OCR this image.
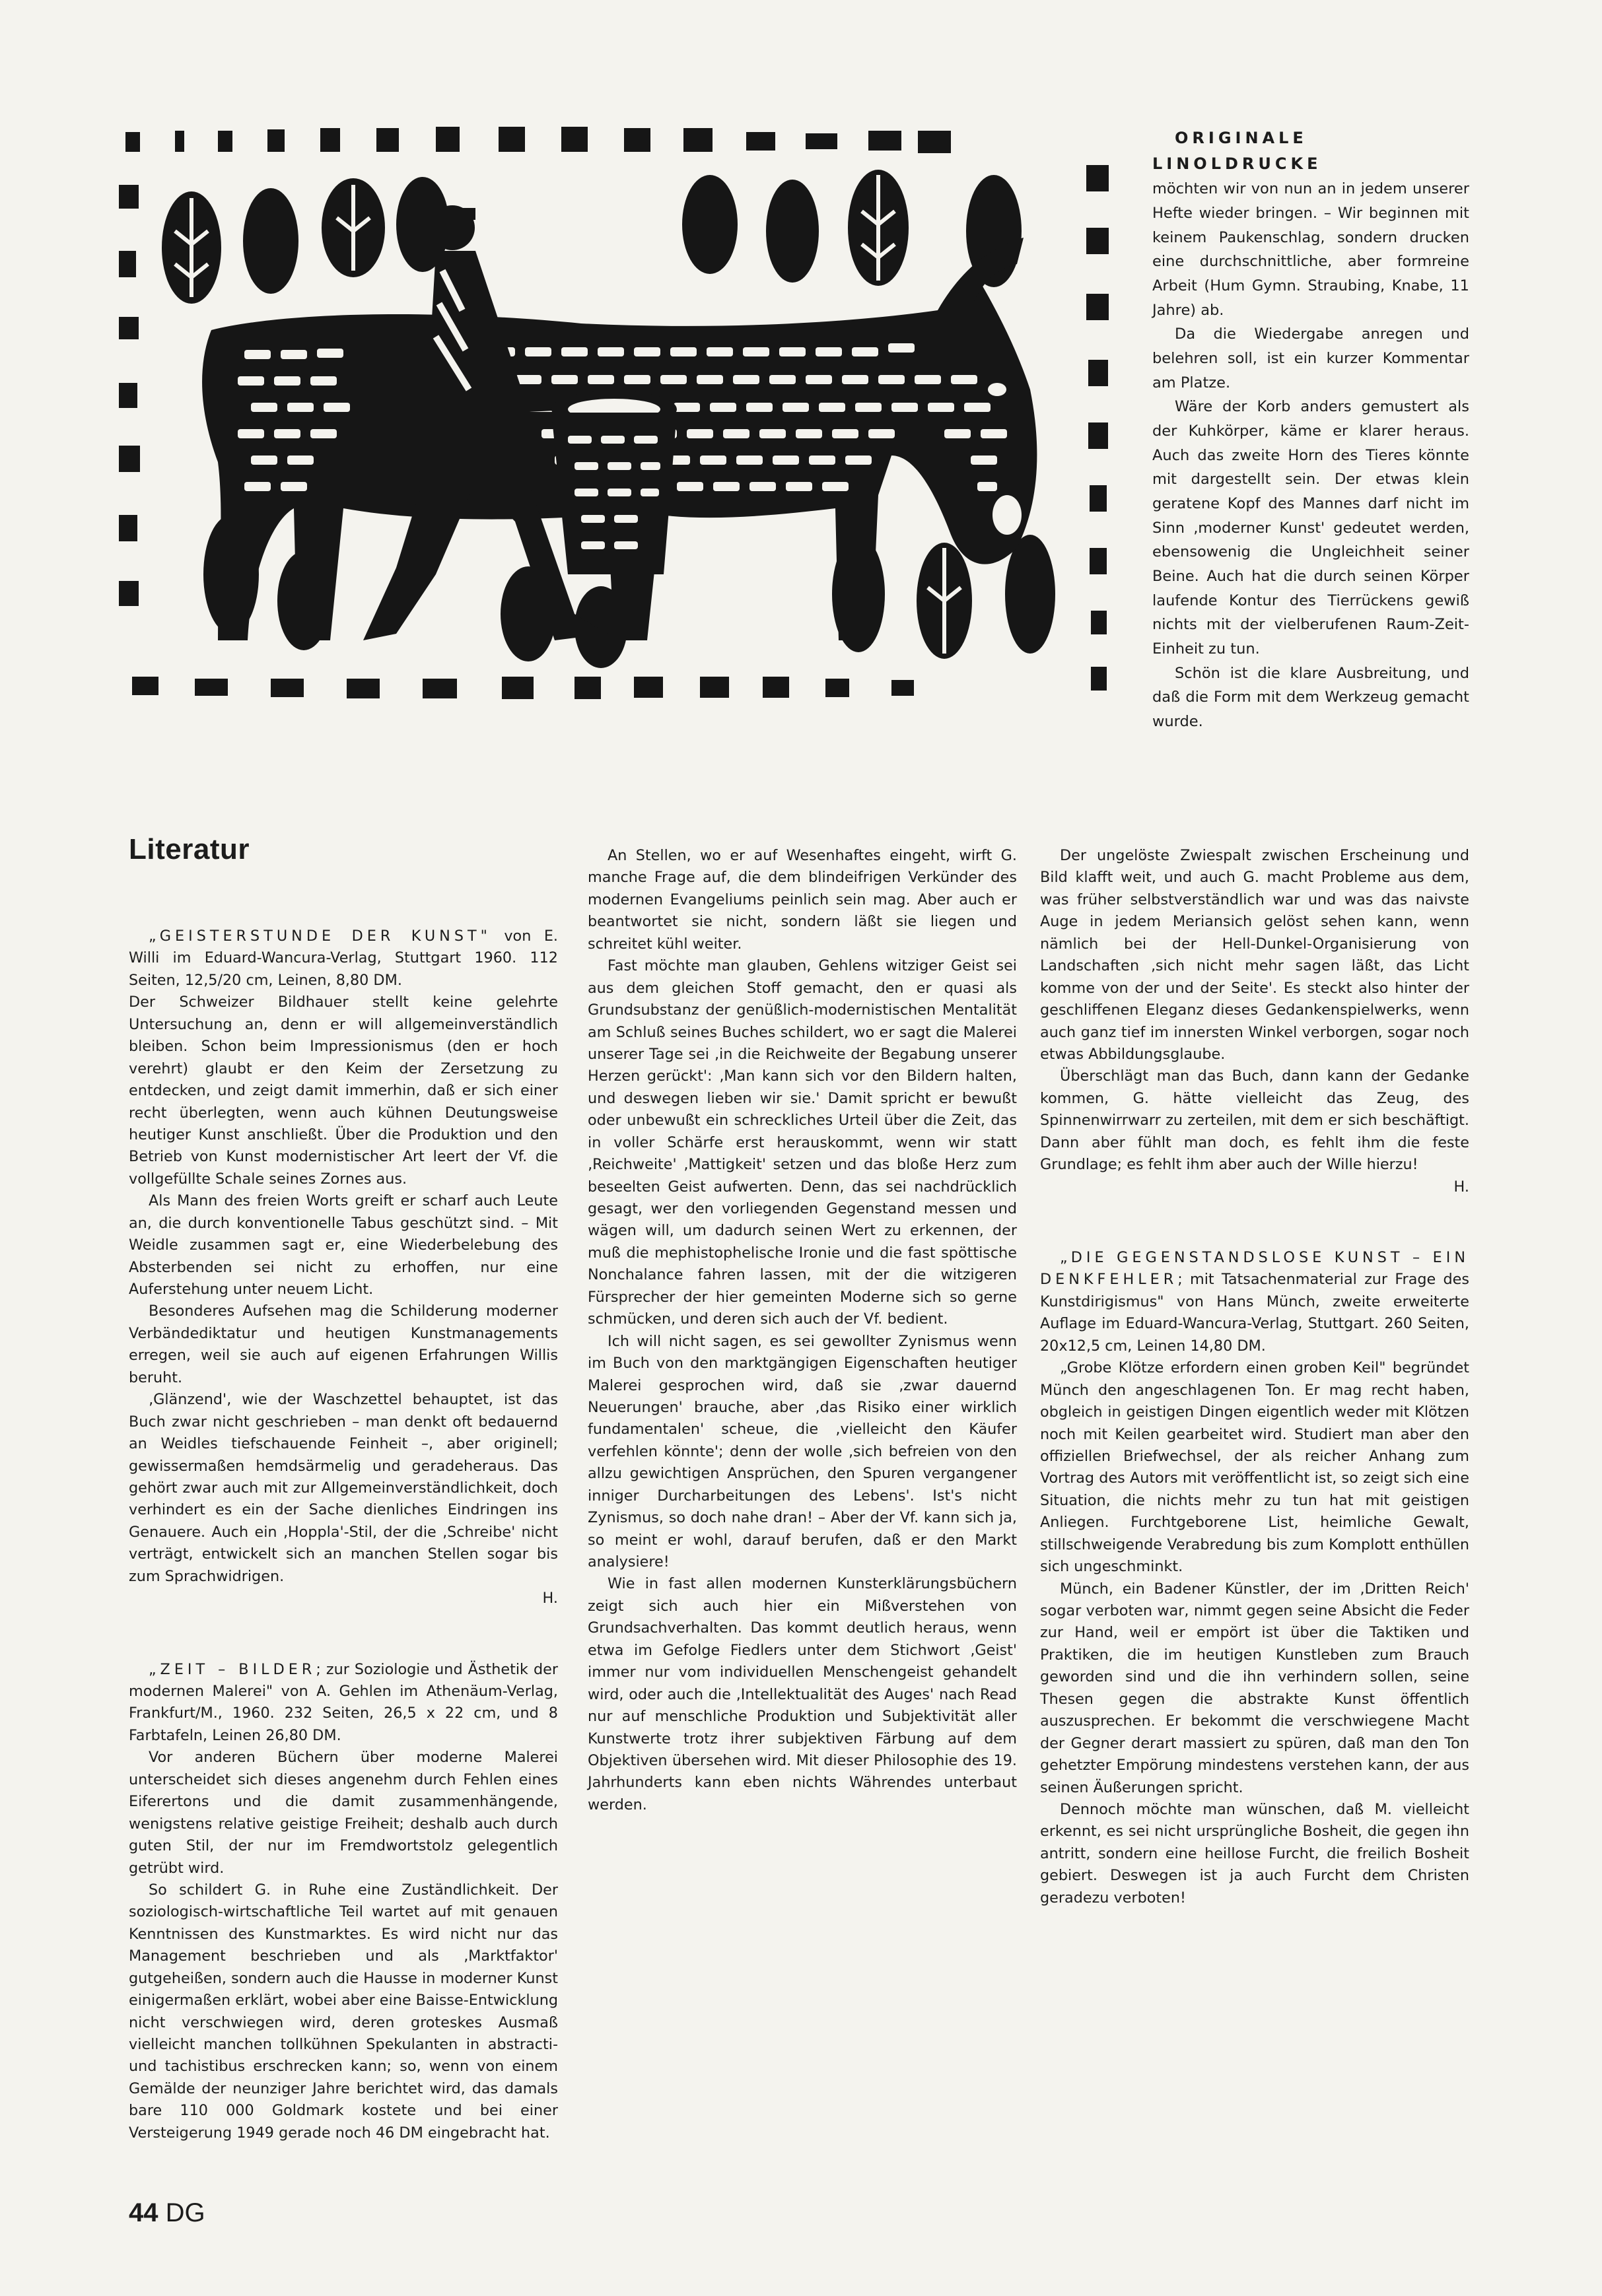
ORIGINALE LINOLDRUCKE

möchten wir von nun an in jedem unserer Hefte wieder bringen. – Wir beginnen mit keinem Paukenschlag, sondern drucken eine durchschnittliche, aber formreine Arbeit (Hum Gymn. Straubing, Knabe, 11 Jahre) ab.

Da die Wiedergabe anregen und belehren soll, ist ein kurzer Kommentar am Platze.

Wäre der Korb anders gemustert als der Kuhkörper, käme er klarer heraus. Auch das zweite Horn des Tieres könnte mit dargestellt sein. Der etwas klein geratene Kopf des Mannes darf nicht im Sinn ‚moderner Kunst' gedeutet werden, ebensowenig die Ungleichheit seiner Beine. Auch hat die durch seinen Körper laufende Kontur des Tierrückens gewiß nichts mit der vielberufenen Raum-Zeit-Einheit zu tun.

Schön ist die klare Ausbreitung, und daß die Form mit dem Werkzeug gemacht wurde.

Literatur

„GEISTERSTUNDE DER KUNST" von E. Willi im Eduard-Wancura-Verlag, Stuttgart 1960. 112 Seiten, 12,5/20 cm, Leinen, 8,80 DM.

Der Schweizer Bildhauer stellt keine gelehrte Untersuchung an, denn er will allgemeinverständlich bleiben. Schon beim Impressionismus (den er hoch verehrt) glaubt er den Keim der Zersetzung zu entdecken, und zeigt damit immerhin, daß er sich einer recht überlegten, wenn auch kühnen Deutungsweise heutiger Kunst anschließt. Über die Produktion und den Betrieb von Kunst modernistischer Art leert der Vf. die vollgefüllte Schale seines Zornes aus.

Als Mann des freien Worts greift er scharf auch Leute an, die durch konventionelle Tabus geschützt sind. – Mit Weidle zusammen sagt er, eine Wiederbelebung des Absterbenden sei nicht zu erhoffen, nur eine Auferstehung unter neuem Licht.

Besonderes Aufsehen mag die Schilderung moderner Verbändediktatur und heutigen Kunstmanagements erregen, weil sie auch auf eigenen Erfahrungen Willis beruht.

‚Glänzend', wie der Waschzettel behauptet, ist das Buch zwar nicht geschrieben – man denkt oft bedauernd an Weidles tiefschauende Feinheit –, aber originell; gewissermaßen hemdsärmelig und geradeheraus. Das gehört zwar auch mit zur Allgemeinverständlichkeit, doch verhindert es ein der Sache dienliches Eindringen ins Genauere. Auch ein ‚Hoppla'-Stil, der die ‚Schreibe' nicht verträgt, entwickelt sich an manchen Stellen sogar bis zum Sprachwidrigen.

H.

„ZEIT – BILDER; zur Soziologie und Ästhetik der modernen Malerei" von A. Gehlen im Athenäum-Verlag, Frankfurt/M., 1960. 232 Seiten, 26,5 x 22 cm, und 8 Farbtafeln, Leinen 26,80 DM.

Vor anderen Büchern über moderne Malerei unterscheidet sich dieses angenehm durch Fehlen eines Eiferertons und die damit zusammenhängende, wenigstens relative geistige Freiheit; deshalb auch durch guten Stil, der nur im Fremdwortstolz gelegentlich getrübt wird.

So schildert G. in Ruhe eine Zuständlichkeit. Der soziologisch-wirtschaftliche Teil wartet auf mit genauen Kenntnissen des Kunstmarktes. Es wird nicht nur das Management beschrieben und als ‚Marktfaktor' gutgeheißen, sondern auch die Hausse in moderner Kunst einigermaßen erklärt, wobei aber eine Baisse-Entwicklung nicht verschwiegen wird, deren groteskes Ausmaß vielleicht manchen tollkühnen Spekulanten in abstracti- und tachistibus erschrecken kann; so, wenn von einem Gemälde der neunziger Jahre berichtet wird, das damals bare 110 000 Goldmark kostete und bei einer Versteigerung 1949 gerade noch 46 DM eingebracht hat.

An Stellen, wo er auf Wesenhaftes eingeht, wirft G. manche Frage auf, die dem blindeifrigen Verkünder des modernen Evangeliums peinlich sein mag. Aber auch er beantwortet sie nicht, sondern läßt sie liegen und schreitet kühl weiter.

Fast möchte man glauben, Gehlens witziger Geist sei aus dem gleichen Stoff gemacht, den er quasi als Grundsubstanz der genüßlich-modernistischen Mentalität am Schluß seines Buches schildert, wo er sagt die Malerei unserer Tage sei ‚in die Reichweite der Begabung unserer Herzen gerückt': ‚Man kann sich vor den Bildern halten, und deswegen lieben wir sie.' Damit spricht er bewußt oder unbewußt ein schreckliches Urteil über die Zeit, das in voller Schärfe erst herauskommt, wenn wir statt ‚Reichweite' ‚Mattigkeit' setzen und das bloße Herz zum beseelten Geist aufwerten. Denn, das sei nachdrücklich gesagt, wer den vorliegenden Gegenstand messen und wägen will, um dadurch seinen Wert zu erkennen, der muß die mephistophelische Ironie und die fast spöttische Nonchalance fahren lassen, mit der die witzigeren Fürsprecher der hier gemeinten Moderne sich so gerne schmücken, und deren sich auch der Vf. bedient.

Ich will nicht sagen, es sei gewollter Zynismus wenn im Buch von den marktgängigen Eigenschaften heutiger Malerei gesprochen wird, daß sie ‚zwar dauernd Neuerungen' brauche, aber ‚das Risiko einer wirklich fundamentalen' scheue, die ‚vielleicht den Käufer verfehlen könnte'; denn der wolle ‚sich befreien von den allzu gewichtigen Ansprüchen, den Spuren vergangener inniger Durcharbeitungen des Lebens'. Ist's nicht Zynismus, so doch nahe dran! – Aber der Vf. kann sich ja, so meint er wohl, darauf berufen, daß er den Markt analysiere!

Wie in fast allen modernen Kunsterklärungsbüchern zeigt sich auch hier ein Mißverstehen von Grundsachverhalten. Das kommt deutlich heraus, wenn etwa im Gefolge Fiedlers unter dem Stichwort ‚Geist' immer nur vom individuellen Menschengeist gehandelt wird, oder auch die ‚Intellektualität des Auges' nach Read nur auf menschliche Produktion und Subjektivität aller Kunstwerte trotz ihrer subjektiven Färbung auf dem Objektiven übersehen wird. Mit dieser Philosophie des 19. Jahrhunderts kann eben nichts Währendes unterbaut werden.

Der ungelöste Zwiespalt zwischen Erscheinung und Bild klafft weit, und auch G. macht Probleme aus dem, was früher selbstverständlich war und was das naivste Auge in jedem Meriansich gelöst sehen kann, wenn nämlich bei der Hell-Dunkel-Organisierung von Landschaften ‚sich nicht mehr sagen läßt, das Licht komme von der und der Seite'. Es steckt also hinter der geschliffenen Eleganz dieses Gedankenspielwerks, wenn auch ganz tief im innersten Winkel verborgen, sogar noch etwas Abbildungsglaube.

Überschlägt man das Buch, dann kann der Gedanke kommen, G. hätte vielleicht das Zeug, des Spinnenwirrwarr zu zerteilen, mit dem er sich beschäftigt. Dann aber fühlt man doch, es fehlt ihm die feste Grundlage; es fehlt ihm aber auch der Wille hierzu!

H.

„DIE GEGENSTANDSLOSE KUNST – EIN DENKFEHLER; mit Tatsachenmaterial zur Frage des Kunstdirigismus" von Hans Münch, zweite erweiterte Auflage im Eduard-Wancura-Verlag, Stuttgart. 260 Seiten, 20x12,5 cm, Leinen 14,80 DM.

„Grobe Klötze erfordern einen groben Keil" begründet Münch den angeschlagenen Ton. Er mag recht haben, obgleich in geistigen Dingen eigentlich weder mit Klötzen noch mit Keilen gearbeitet wird. Studiert man aber den offiziellen Briefwechsel, der als reicher Anhang zum Vortrag des Autors mit veröffentlicht ist, so zeigt sich eine Situation, die nichts mehr zu tun hat mit geistigen Anliegen. Furchtgeborene List, heimliche Gewalt, stillschweigende Verabredung bis zum Komplott enthüllen sich ungeschminkt.

Münch, ein Badener Künstler, der im ‚Dritten Reich' sogar verboten war, nimmt gegen seine Absicht die Feder zur Hand, weil er empört ist über die Taktiken und Praktiken, die im heutigen Kunstleben zum Brauch geworden sind und die ihn verhindern sollen, seine Thesen gegen die abstrakte Kunst öffentlich auszusprechen. Er bekommt die verschwiegene Macht der Gegner derart massiert zu spüren, daß man den Ton gehetzter Empörung mindestens verstehen kann, der aus seinen Äußerungen spricht.

Dennoch möchte man wünschen, daß M. vielleicht erkennt, es sei nicht ursprüngliche Bosheit, die gegen ihn antritt, sondern eine heillose Furcht, die freilich Bosheit gebiert. Deswegen ist ja auch Furcht dem Christen geradezu verboten!

44 DG
